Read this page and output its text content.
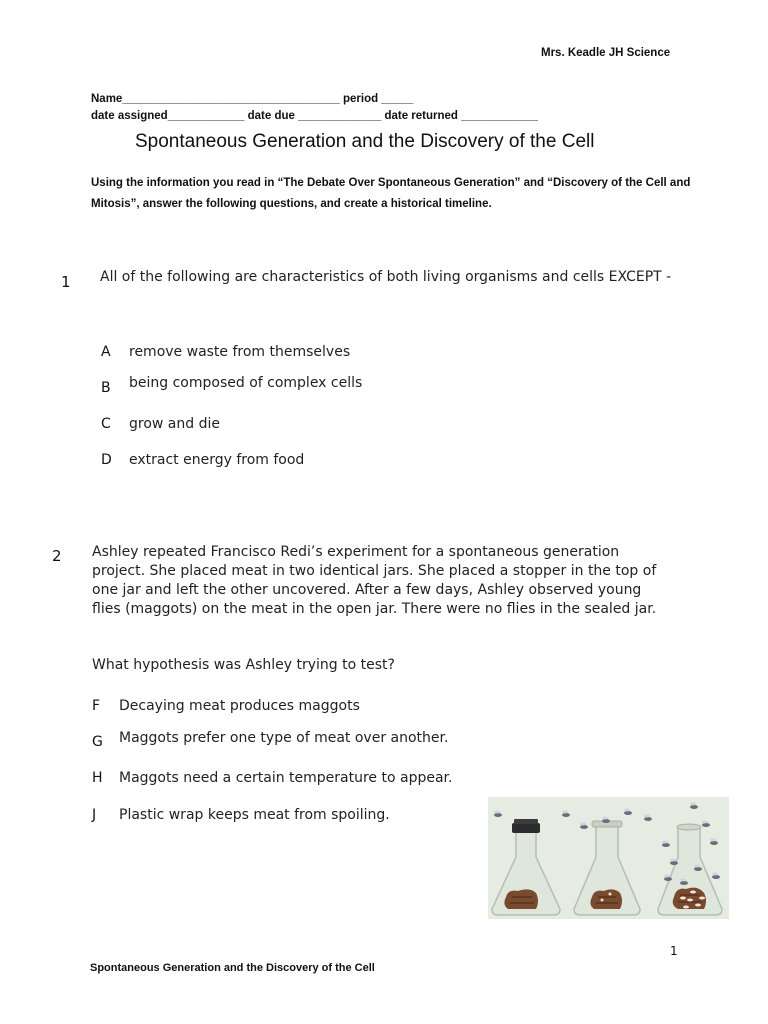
Mrs. Keadle JH Science
Name__________________________________ period _____
date assigned____________ date due _____________ date returned ____________
Spontaneous Generation and the Discovery of the Cell
Using the information you read in “The Debate Over Spontaneous Generation” and “Discovery of the Cell and Mitosis”, answer the following questions, and create a historical timeline.
1 All of the following are characteristics of both living organisms and cells EXCEPT -
A remove waste from themselves
B being composed of complex cells
C grow and die
D extract energy from food
2 Ashley repeated Francisco Redi’s experiment for a spontaneous generation project. She placed meat in two identical jars. She placed a stopper in the top of one jar and left the other uncovered. After a few days, Ashley observed young flies (maggots) on the meat in the open jar. There were no flies in the sealed jar.
What hypothesis was Ashley trying to test?
F Decaying meat produces maggots
G Maggots prefer one type of meat over another.
H Maggots need a certain temperature to appear.
J Plastic wrap keeps meat from spoiling.
1
Spontaneous Generation and the Discovery of the Cell
